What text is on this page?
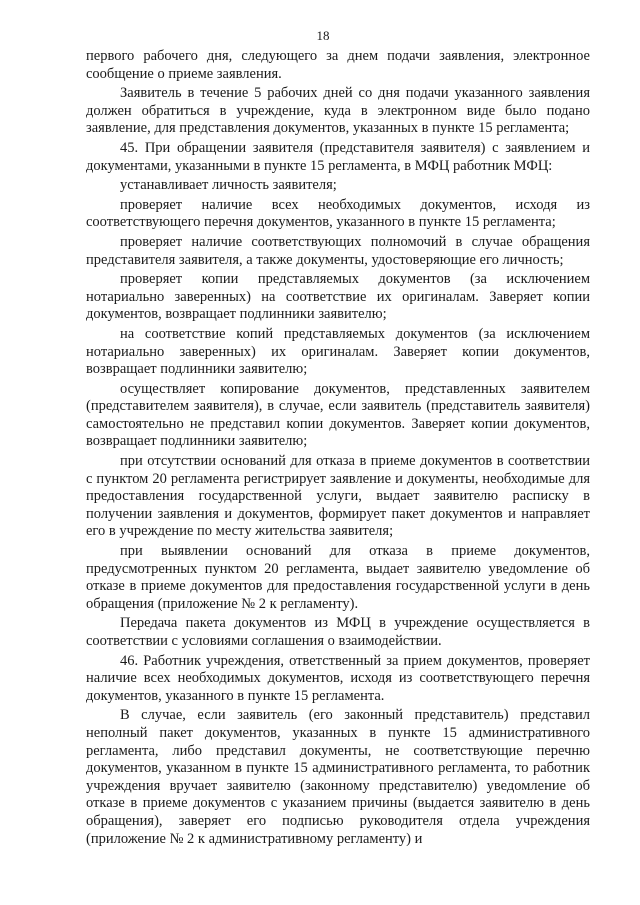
18

первого рабочего дня, следующего за днем подачи заявления, электронное сообщение о приеме заявления.

Заявитель в течение 5 рабочих дней со дня подачи указанного заявления должен обратиться в учреждение, куда в электронном виде было подано заявление, для представления документов, указанных в пункте 15 регламента;

45. При обращении заявителя (представителя заявителя) с заявлением и документами, указанными в пункте 15 регламента, в МФЦ работник МФЦ:

устанавливает личность заявителя;

проверяет наличие всех необходимых документов, исходя из соответствующего перечня документов, указанного в пункте 15 регламента;

проверяет наличие соответствующих полномочий в случае обращения представителя заявителя, а также документы, удостоверяющие его личность;

проверяет копии представляемых документов (за исключением нотариально заверенных) на соответствие их оригиналам. Заверяет копии документов, возвращает подлинники заявителю;

на соответствие копий представляемых документов (за исключением нотариально заверенных) их оригиналам. Заверяет копии документов, возвращает подлинники заявителю;

осуществляет копирование документов, представленных заявителем (представителем заявителя), в случае, если заявитель (представитель заявителя) самостоятельно не представил копии документов. Заверяет копии документов, возвращает подлинники заявителю;

при отсутствии оснований для отказа в приеме документов в соответствии с пунктом 20 регламента регистрирует заявление и документы, необходимые для предоставления государственной услуги, выдает заявителю расписку в получении заявления и документов, формирует пакет документов и направляет его в учреждение по месту жительства заявителя;

при выявлении оснований для отказа в приеме документов, предусмотренных пунктом 20 регламента, выдает заявителю уведомление об отказе в приеме документов для предоставления государственной услуги в день обращения (приложение № 2 к регламенту).

Передача пакета документов из МФЦ в учреждение осуществляется в соответствии с условиями соглашения о взаимодействии.

46. Работник учреждения, ответственный за прием документов, проверяет наличие всех необходимых документов, исходя из соответствующего перечня документов, указанного в пункте 15 регламента.

В случае, если заявитель (его законный представитель) представил неполный пакет документов, указанных в пункте 15 административного регламента, либо представил документы, не соответствующие перечню документов, указанном в пункте 15 административного регламента, то работник учреждения вручает заявителю (законному представителю) уведомление об отказе в приеме документов с указанием причины (выдается заявителю в день обращения), заверяет его подписью руководителя отдела учреждения (приложение № 2 к административному регламенту) и
